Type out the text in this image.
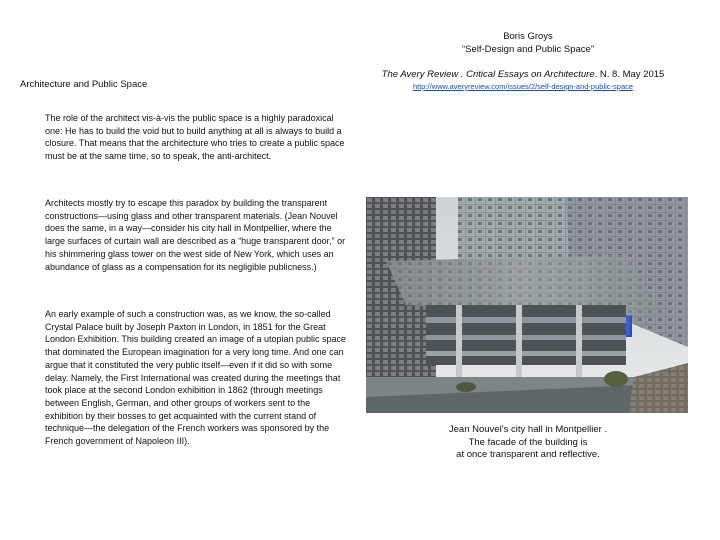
Boris Groys
“Self-Design and Public Space”
The Avery Review . Critical Essays on Architecture. N. 8. May 2015
http://www.averyreview.com/issues/2/self-design-and-public-space
Architecture and Public Space

The role of the architect vis-à-vis the public space is a highly paradoxical one: He has to build the void but to build anything at all is always to build a closure. That means that the architecture who tries to create a public space must be at the same time, so to speak, the anti-architect.

Architects mostly try to escape this paradox by building the transparent constructions—using glass and other transparent materials. (Jean Nouvel does the same, in a way—consider his city hall in Montpellier, where the large surfaces of curtain wall are described as a “huge transparent door,” or his shimmering glass tower on the west side of New York, which uses an abundance of glass as a compensation for its negligible publicness.)

An early example of such a construction was, as we know, the so-called Crystal Palace built by Joseph Paxton in London, in 1851 for the Great London Exhibition. This building created an image of a utopian public space that dominated the European imagination for a very long time. And one can argue that it constituted the very public itself—even if it did so with some delay. Namely, the First International was created during the meetings that took place at the second London exhibition in 1862 (through meetings between English, German, and other groups of workers sent to the exhibition by their bosses to get acquainted with the current stand of technique—the delegation of the French workers was sponsored by the French government of Napoleon III).

Jean Nouvel’s city hall in Montpellier .
The facade of the building is
at once transparent and reflective.
